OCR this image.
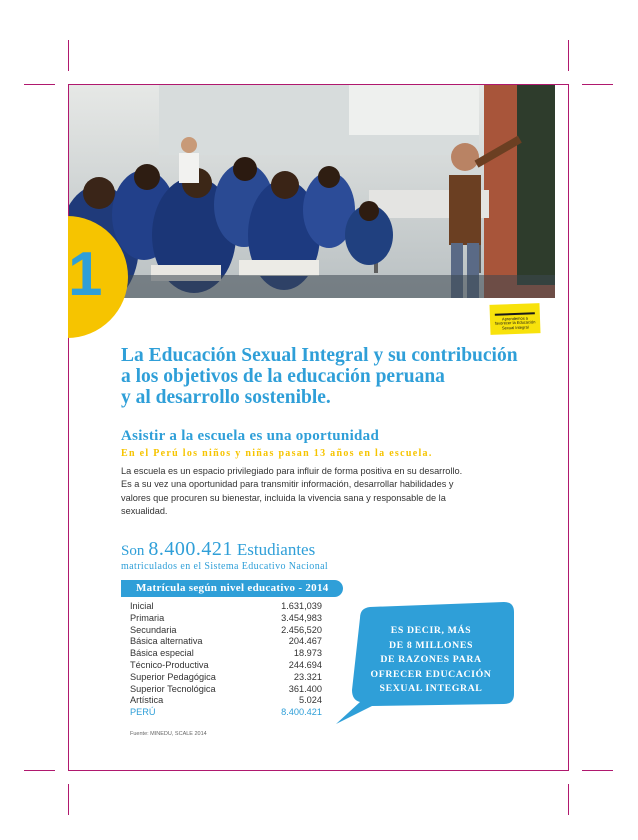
1
Aprendemos a favorecer la Educación Sexual Integral
La Educación Sexual Integral y su contribución
a los objetivos de la educación peruana
y al desarrollo sostenible.
Asistir a la escuela es una oportunidad
En el Perú los niños y niñas pasan 13 años en la escuela.
La escuela es un espacio privilegiado para influir de forma positiva en su desarrollo.
Es a su vez una oportunidad para transmitir información, desarrollar habilidades y
valores que procuren su bienestar, incluida la vivencia sana y responsable de la
sexualidad.
Son 8.400.421 Estudiantes
matriculados en el Sistema Educativo Nacional
Matrícula según nivel educativo - 2014
Inicial	1.631,039
Primaria	3.454,983
Secundaria	2.456,520
Básica alternativa	204.467
Básica especial	18.973
Técnico-Productiva	244.694
Superior Pedagógica	23.321
Superior Tecnológica	361.400
Artística	5.024
PERÚ	8.400.421
Fuente: MINEDU, SCALE 2014
ES DECIR, MÁS
DE 8 MILLONES
DE RAZONES PARA
OFRECER EDUCACIÓN
SEXUAL INTEGRAL
